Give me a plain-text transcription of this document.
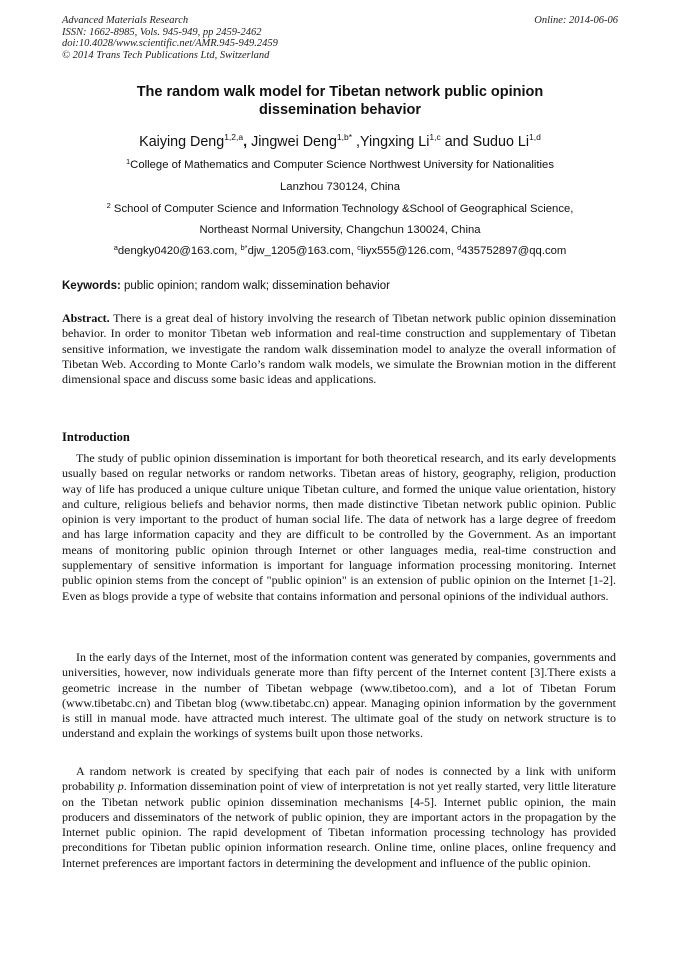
Advanced Materials Research
ISSN: 1662-8985, Vols. 945-949, pp 2459-2462
doi:10.4028/www.scientific.net/AMR.945-949.2459
© 2014 Trans Tech Publications Ltd, Switzerland
Online: 2014-06-06
The random walk model for Tibetan network public opinion
dissemination behavior
Kaiying Deng$^{1,2,a}$, Jingwei Deng$^{1,b*}$ ,Yingxing Li$^{1,c}$ and Suduo Li$^{1,d}$
$^1$College of Mathematics and Computer Science Northwest University for Nationalities
Lanzhou 730124, China
$^2$ School of Computer Science and Information Technology &School of Geographical Science,
Northeast Normal University, Changchun 130024, China
$^a$dengky0420@163.com, $^{b*}$djw_1205@163.com, $^c$liyx555@126.com, $^d$435752897@qq.com
Keywords: public opinion; random walk; dissemination behavior
Abstract. There is a great deal of history involving the research of Tibetan network public opinion dissemination behavior. In order to monitor Tibetan web information and real-time construction and supplementary of Tibetan sensitive information, we investigate the random walk dissemination model to analyze the overall information of Tibetan Web. According to Monte Carlo’s random walk models, we simulate the Brownian motion in the different dimensional space and discuss some basic ideas and applications.
Introduction
The study of public opinion dissemination is important for both theoretical research, and its early developments usually based on regular networks or random networks. Tibetan areas of history, geography, religion, production way of life has produced a unique culture unique Tibetan culture, and formed the unique value orientation, history and culture, religious beliefs and behavior norms, then made distinctive Tibetan network public opinion. Public opinion is very important to the product of human social life. The data of network has a large degree of freedom and has large information capacity and they are difficult to be controlled by the Government. As an important means of monitoring public opinion through Internet or other languages media, real-time construction and supplementary of sensitive information is important for language information processing monitoring. Internet public opinion stems from the concept of "public opinion" is an extension of public opinion on the Internet [1-2]. Even as blogs provide a type of website that contains information and personal opinions of the individual authors.
In the early days of the Internet, most of the information content was generated by companies, governments and universities, however, now individuals generate more than fifty percent of the Internet content [3].There exists a geometric increase in the number of Tibetan webpage (www.tibetoo.com), and a lot of Tibetan Forum (www.tibetabc.cn) and Tibetan blog (www.tibetabc.cn) appear. Managing opinion information by the government is still in manual mode. have attracted much interest. The ultimate goal of the study on network structure is to understand and explain the workings of systems built upon those networks.
A random network is created by specifying that each pair of nodes is connected by a link with uniform probability p. Information dissemination point of view of interpretation is not yet really started, very little literature on the Tibetan network public opinion dissemination mechanisms [4-5]. Internet public opinion, the main producers and disseminators of the network of public opinion, they are important actors in the propagation by the Internet public opinion. The rapid development of Tibetan information processing technology has provided preconditions for Tibetan public opinion information research. Online time, online places, online frequency and Internet preferences are important factors in determining the development and influence of the public opinion.
